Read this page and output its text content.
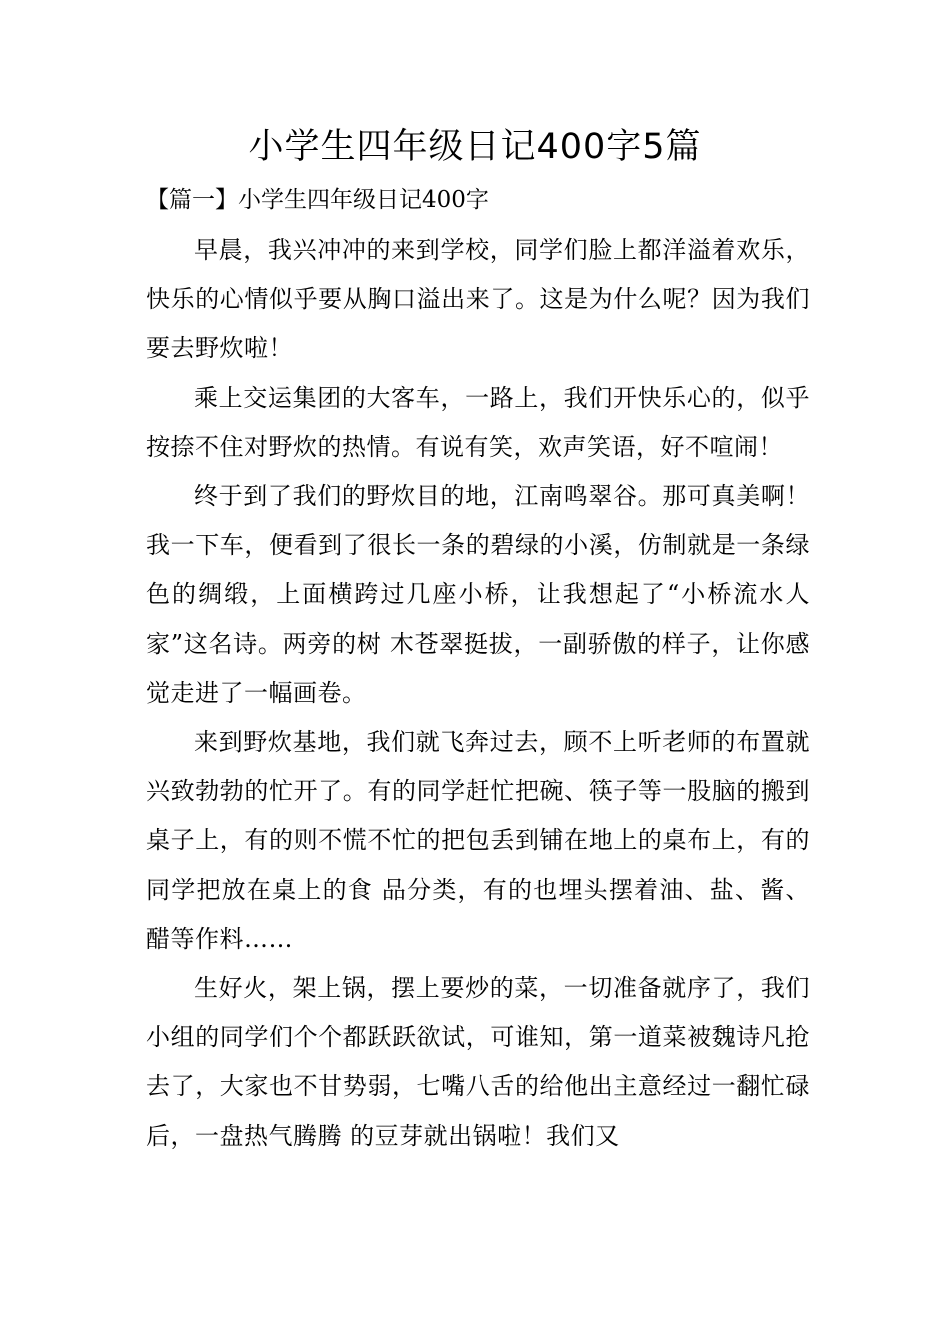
小学生四年级日记400字5篇
【篇一】小学生四年级日记400字

早晨，我兴冲冲的来到学校，同学们脸上都洋溢着欢乐，快乐的心情似乎要从胸口溢出来了。这是为什么呢？因为我们要去野炊啦！

乘上交运集团的大客车，一路上，我们开快乐心的，似乎按捺不住对野炊的热情。有说有笑，欢声笑语，好不喧闹！

终于到了我们的野炊目的地，江南鸣翠谷。那可真美啊！我一下车，便看到了很长一条的碧绿的小溪，仿制就是一条绿色的绸缎，上面横跨过几座小桥，让我想起了“小桥流水人家”这名诗。两旁的树 木苍翠挺拔，一副骄傲的样子，让你感觉走进了一幅画卷。

来到野炊基地，我们就飞奔过去，顾不上听老师的布置就兴致勃勃的忙开了。有的同学赶忙把碗、筷子等一股脑的搬到桌子上，有的则不慌不忙的把包丢到铺在地上的桌布上，有的同学把放在桌上的食 品分类，有的也埋头摆着油、盐、酱、醋等作料……

生好火，架上锅，摆上要炒的菜，一切准备就序了，我们小组的同学们个个都跃跃欲试，可谁知，第一道菜被魏诗凡抢去了，大家也不甘势弱，七嘴八舌的给他出主意经过一翻忙碌后，一盘热气腾腾 的豆芽就出锅啦！我们又
